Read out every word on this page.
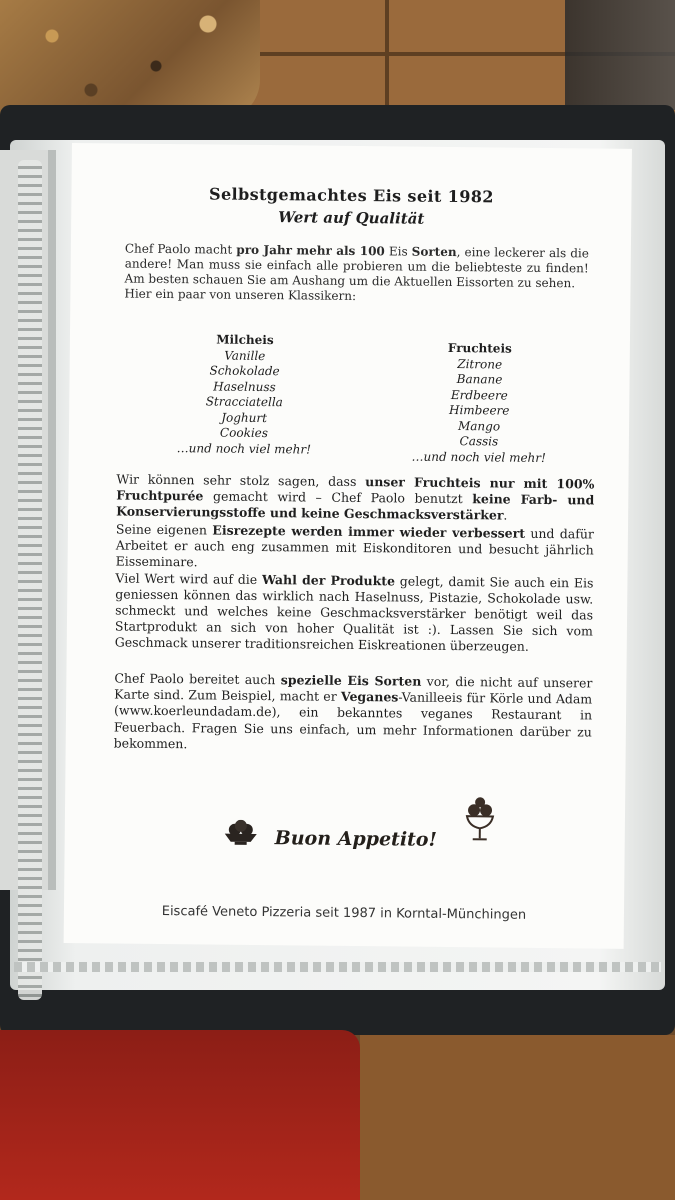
Selbstgemachtes Eis seit 1982
Wert auf Qualität
Chef Paolo macht pro Jahr mehr als 100 Eis Sorten, eine leckerer als die andere! Man muss sie einfach alle probieren um die beliebteste zu finden! Am besten schauen Sie am Aushang um die Aktuellen Eissorten zu sehen.
Hier ein paar von unseren Klassikern:
Milcheis
Vanille
Schokolade
Haselnuss
Stracciatella
Joghurt
Cookies
…und noch viel mehr!
Fruchteis
Zitrone
Banane
Erdbeere
Himbeere
Mango
Cassis
…und noch viel mehr!
Wir können sehr stolz sagen, dass unser Fruchteis nur mit 100% Fruchtpurée gemacht wird – Chef Paolo benutzt keine Farb- und Konservierungsstoffe und keine Geschmacksverstärker.
Seine eigenen Eisrezepte werden immer wieder verbessert und dafür Arbeitet er auch eng zusammen mit Eiskonditoren und besucht jährlich Eisseminare.
Viel Wert wird auf die Wahl der Produkte gelegt, damit Sie auch ein Eis geniessen können das wirklich nach Haselnuss, Pistazie, Schokolade usw. schmeckt und welches keine Geschmacksverstärker benötigt weil das Startprodukt an sich von hoher Qualität ist :). Lassen Sie sich vom Geschmack unserer traditionsreichen Eiskreationen überzeugen.
Chef Paolo bereitet auch spezielle Eis Sorten vor, die nicht auf unserer Karte sind. Zum Beispiel, macht er Veganes-Vanilleeis für Körle und Adam (www.koerleundadam.de), ein bekanntes veganes Restaurant in Feuerbach. Fragen Sie uns einfach, um mehr Informationen darüber zu bekommen.
Buon Appetito!
Eiscafé Veneto Pizzeria seit 1987 in Korntal-Münchingen
